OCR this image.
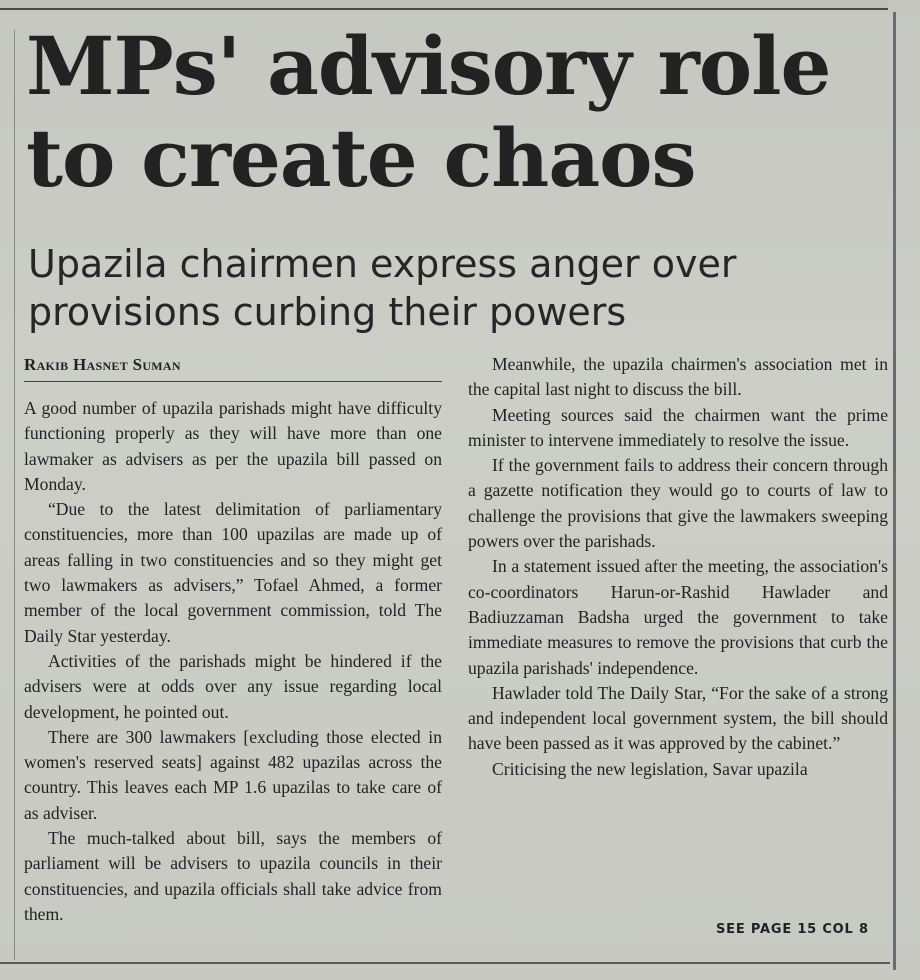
MPs' advisory role
to create chaos
Upazila chairmen express anger over provisions curbing their powers
Rakib Hasnet Suman

A good number of upazila parishads might have difficulty functioning properly as they will have more than one lawmaker as advisers as per the upazila bill passed on Monday.

“Due to the latest delimitation of parliamentary constituencies, more than 100 upazilas are made up of areas falling in two constituencies and so they might get two lawmakers as advisers,” Tofael Ahmed, a former member of the local government commission, told The Daily Star yesterday.

Activities of the parishads might be hindered if the advisers were at odds over any issue regarding local development, he pointed out.

There are 300 lawmakers [excluding those elected in women's reserved seats] against 482 upazilas across the country. This leaves each MP 1.6 upazilas to take care of as adviser.

The much-talked about bill, says the members of parliament will be advisers to upazila councils in their constituencies, and upazila officials shall take advice from them.

Meanwhile, the upazila chairmen's association met in the capital last night to discuss the bill.

Meeting sources said the chairmen want the prime minister to intervene immediately to resolve the issue.

If the government fails to address their concern through a gazette notification they would go to courts of law to challenge the provisions that give the lawmakers sweeping powers over the parishads.

In a statement issued after the meeting, the association's co-coordinators Harun-or-Rashid Hawlader and Badiuzzaman Badsha urged the government to take immediate measures to remove the provisions that curb the upazila parishads' independence.

Hawlader told The Daily Star, “For the sake of a strong and independent local government system, the bill should have been passed as it was approved by the cabinet.”

Criticising the new legislation, Savar upazila

SEE PAGE 15 COL 8
